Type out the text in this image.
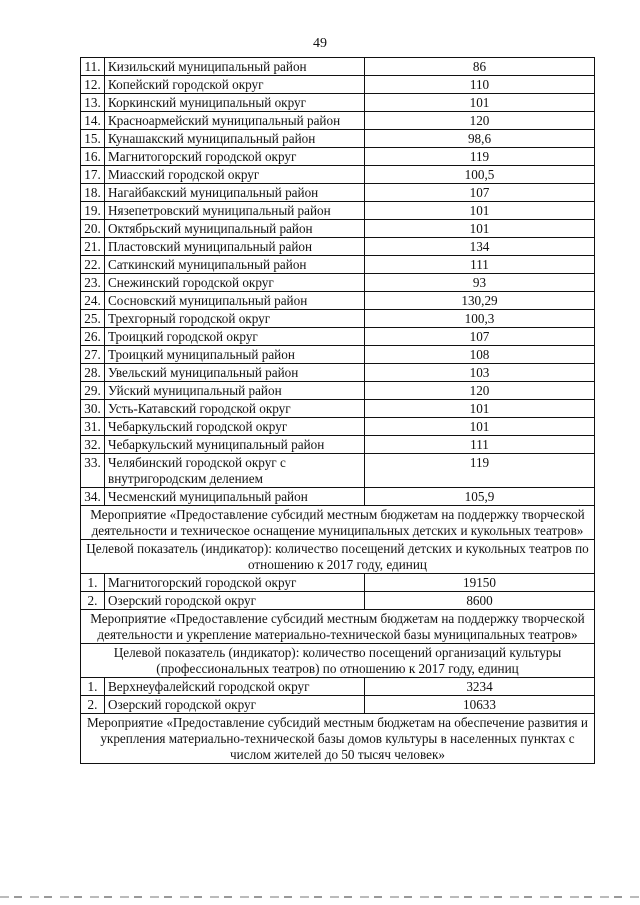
49
11.	Кизильский муниципальный район	86
12.	Копейский городской округ	110
13.	Коркинский муниципальный округ	101
14.	Красноармейский муниципальный район	120
15.	Кунашакский муниципальный район	98,6
16.	Магнитогорский городской округ	119
17.	Миасский городской округ	100,5
18.	Нагайбакский муниципальный район	107
19.	Нязепетровский муниципальный район	101
20.	Октябрьский муниципальный район	101
21.	Пластовский муниципальный район	134
22.	Саткинский муниципальный район	111
23.	Снежинский городской округ	93
24.	Сосновский муниципальный район	130,29
25.	Трехгорный городской округ	100,3
26.	Троицкий городской округ	107
27.	Троицкий муниципальный район	108
28.	Увельский муниципальный район	103
29.	Уйский муниципальный район	120
30.	Усть-Катавский городской округ	101
31.	Чебаркульский городской округ	101
32.	Чебаркульский муниципальный район	111
33.	Челябинский городской округ с внутригородским делением	119
34.	Чесменский муниципальный район	105,9
Мероприятие «Предоставление субсидий местным бюджетам на поддержку творческой деятельности и техническое оснащение муниципальных детских и кукольных театров»		
Целевой показатель (индикатор): количество посещений детских и кукольных театров по отношению к 2017 году, единиц		
1.	Магнитогорский городской округ	19150
2.	Озерский городской округ	8600
Мероприятие «Предоставление субсидий местным бюджетам на поддержку творческой деятельности и укрепление материально-технической базы муниципальных театров»		
Целевой показатель (индикатор): количество посещений организаций культуры (профессиональных театров) по отношению к 2017 году, единиц		
1.	Верхнеуфалейский городской округ	3234
2.	Озерский городской округ	10633
Мероприятие «Предоставление субсидий местным бюджетам на обеспечение развития и укрепления материально-технической базы домов культуры в населенных пунктах с числом жителей до 50 тысяч человек»		
